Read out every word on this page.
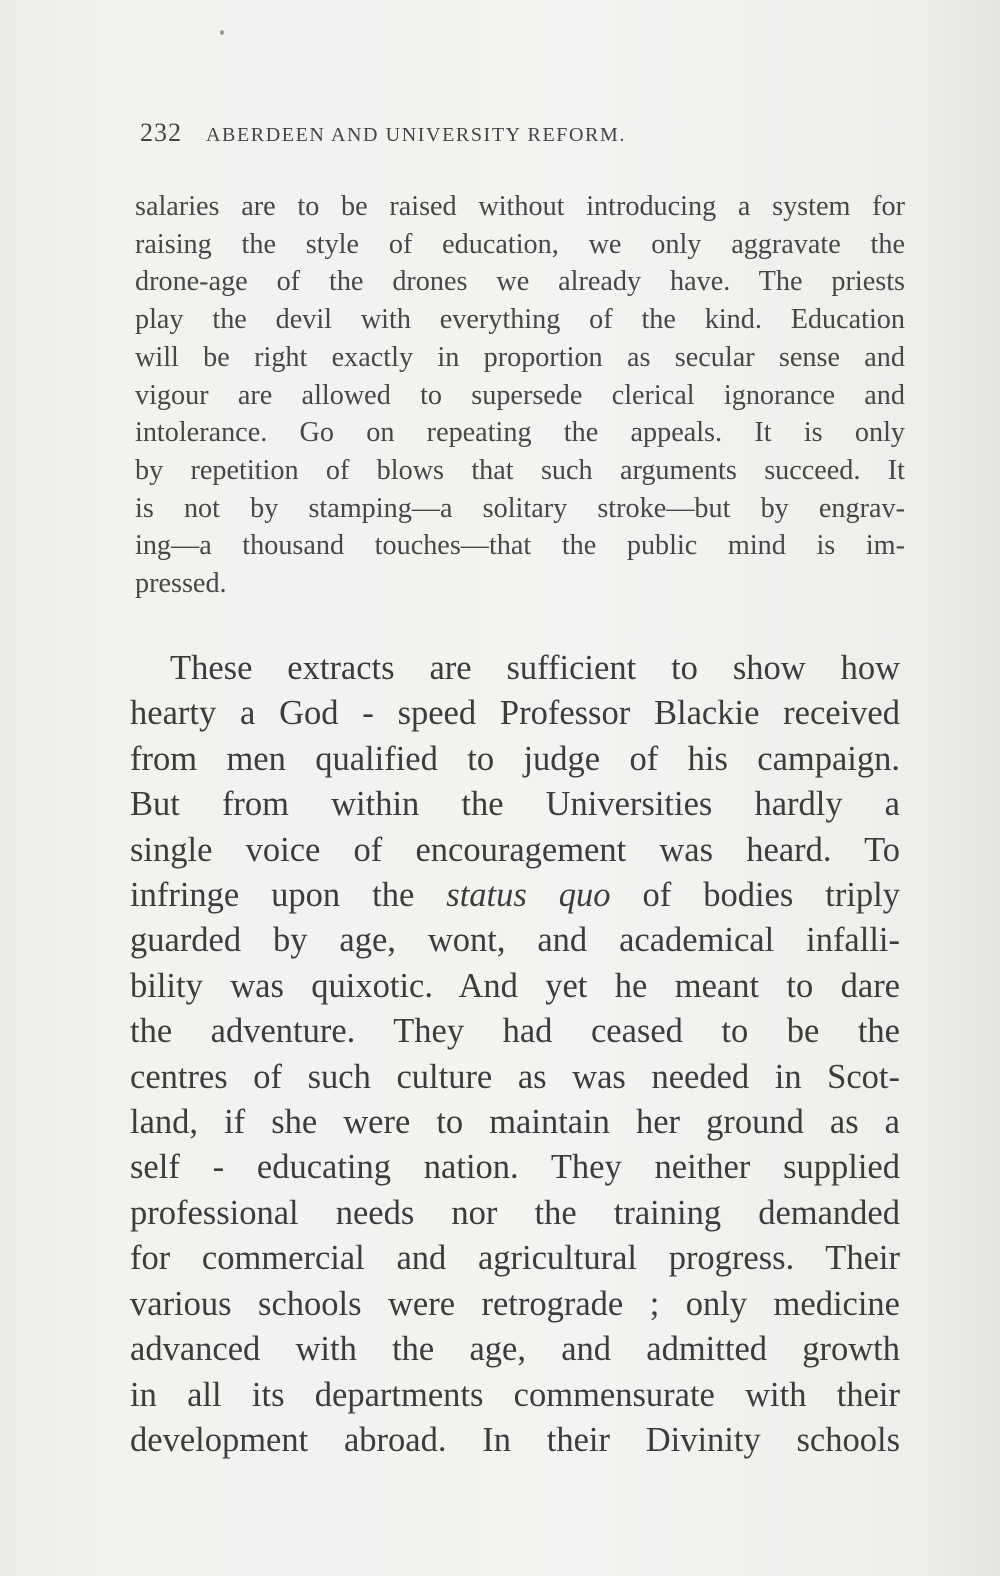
232 ABERDEEN AND UNIVERSITY REFORM.
salaries are to be raised without introducing a system for
raising the style of education, we only aggravate the
drone-age of the drones we already have. The priests
play the devil with everything of the kind. Education
will be right exactly in proportion as secular sense and
vigour are allowed to supersede clerical ignorance and
intolerance. Go on repeating the appeals. It is only
by repetition of blows that such arguments succeed. It
is not by stamping—a solitary stroke—but by engrav-
ing—a thousand touches—that the public mind is im-
pressed.
These extracts are sufficient to show how
hearty a God - speed Professor Blackie received
from men qualified to judge of his campaign.
But from within the Universities hardly a
single voice of encouragement was heard. To
infringe upon the status quo of bodies triply
guarded by age, wont, and academical infalli-
bility was quixotic. And yet he meant to dare
the adventure. They had ceased to be the
centres of such culture as was needed in Scot-
land, if she were to maintain her ground as a
self - educating nation. They neither supplied
professional needs nor the training demanded
for commercial and agricultural progress. Their
various schools were retrograde ; only medicine
advanced with the age, and admitted growth
in all its departments commensurate with their
development abroad. In their Divinity schools
